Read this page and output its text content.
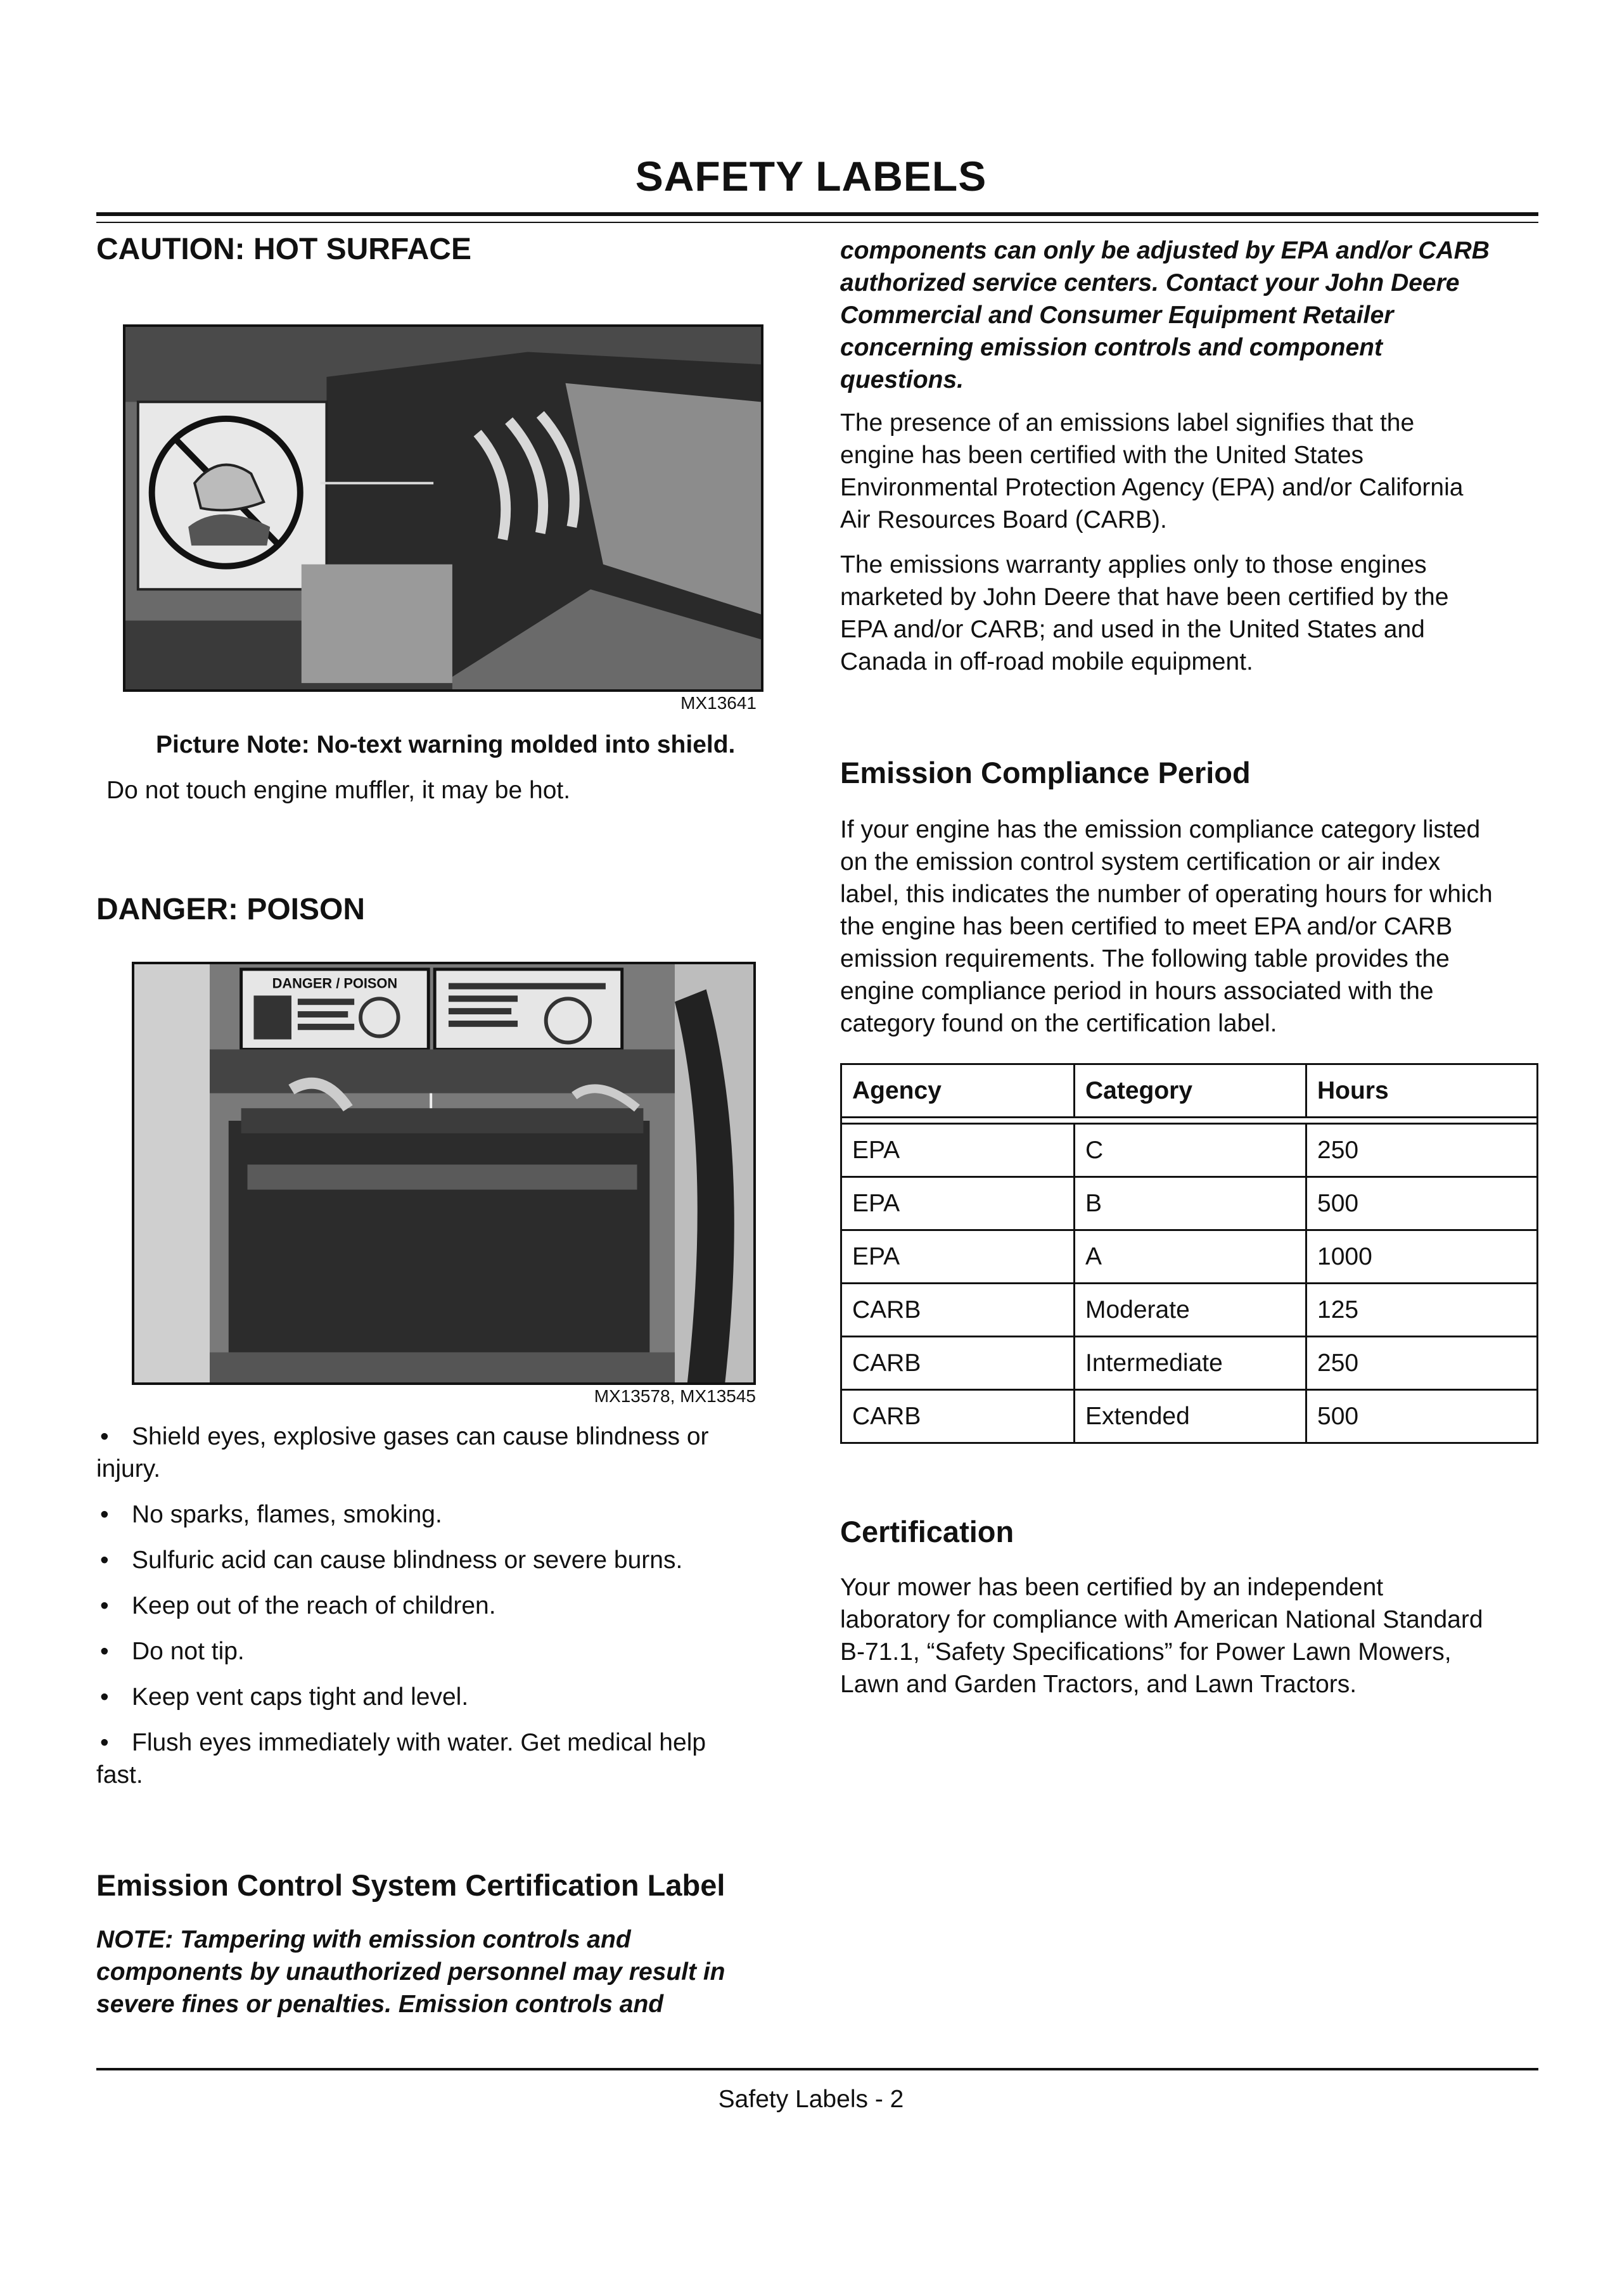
SAFETY LABELS
CAUTION: HOT SURFACE
MX13641
Picture Note: No-text warning molded into shield.
Do not touch engine muffler, it may be hot.
DANGER: POISON
DANGER / POISON
MX13578, MX13545
• Shield eyes, explosive gases can cause blindness or
injury.
• No sparks, flames, smoking.
• Sulfuric acid can cause blindness or severe burns.
• Keep out of the reach of children.
• Do not tip.
• Keep vent caps tight and level.
• Flush eyes immediately with water. Get medical help
fast.
Emission Control System Certification Label
NOTE: Tampering with emission controls and
components by unauthorized personnel may result in
severe fines or penalties. Emission controls and
components can only be adjusted by EPA and/or CARB
authorized service centers. Contact your John Deere
Commercial and Consumer Equipment Retailer
concerning emission controls and component
questions.
The presence of an emissions label signifies that the
engine has been certified with the United States
Environmental Protection Agency (EPA) and/or California
Air Resources Board (CARB).
The emissions warranty applies only to those engines
marketed by John Deere that have been certified by the
EPA and/or CARB; and used in the United States and
Canada in off-road mobile equipment.
Emission Compliance Period
If your engine has the emission compliance category listed
on the emission control system certification or air index
label, this indicates the number of operating hours for which
the engine has been certified to meet EPA and/or CARB
emission requirements. The following table provides the
engine compliance period in hours associated with the
category found on the certification label.
Agency	Category	Hours

EPA	C	250
EPA	B	500
EPA	A	1000
CARB	Moderate	125
CARB	Intermediate	250
CARB	Extended	500
Certification
Your mower has been certified by an independent
laboratory for compliance with American National Standard
B-71.1, “Safety Specifications” for Power Lawn Mowers,
Lawn and Garden Tractors, and Lawn Tractors.
Safety Labels - 2
